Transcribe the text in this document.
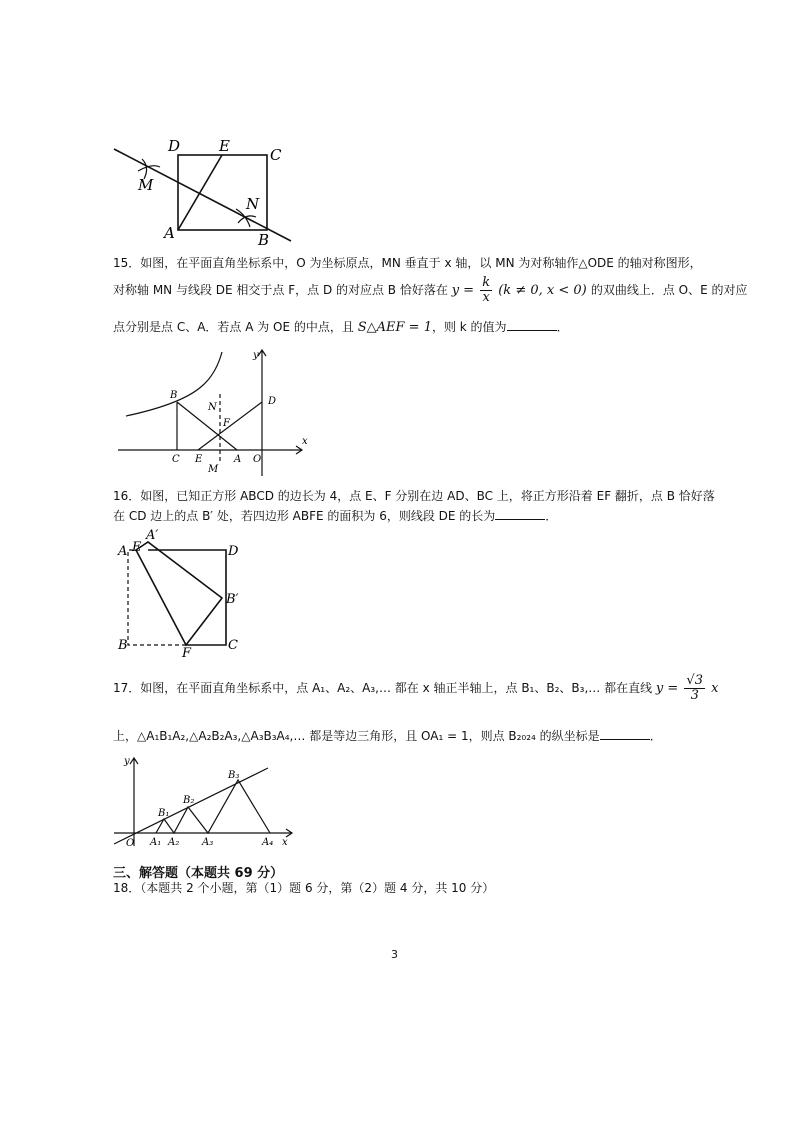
D	E	C
M
N
A	B
15．如图，在平面直角坐标系中，O 为坐标原点，MN 垂直于 x 轴，以 MN 为对称轴作△ODE 的轴对称图形，
对称轴 MN 与线段 DE 相交于点 F，点 D 的对应点 B 恰好落在 $y = \frac{k}{x} (k \ne 0$, x < 0) 的双曲线上．点 O、E 的对应
点分别是点 C、A．若点 A 为 OE 的中点，且 S△AEF = 1，则 k 的值为	．
y
B
N
D
F
x
C E	A O
M
16．如图，已知正方形 ABCD 的边长为 4，点 E、F 分别在边 AD、BC 上，将正方形沿着 EF 翻折，点 B 恰好落
在 CD 边上的点 B′ 处，若四边形 ABFE 的面积为 6，则线段 DE 的长为	．
A′
E
A	D
B′
B
F
C
17．如图，在平面直角坐标系中，点 A₁、A₂、A₃,… 都在 x 轴正半轴上，点 B₁、B₂、B₃,… 都在直线 $y = \frac{√3}{3}$ x
上，△A₁B₁A₂,△A₂B₂A₃,△A₃B₃A₄,… 都是等边三角形，且 OA₁ = 1，则点 B₂₀₂₄ 的纵坐标是	．
y
B₃
B₂
B₁
O A₁ A₂ A₃	A₄ x
三、解答题（本题共 69 分）
18．（本题共 2 个小题，第（1）题 6 分，第（2）题 4 分，共 10 分）
3
